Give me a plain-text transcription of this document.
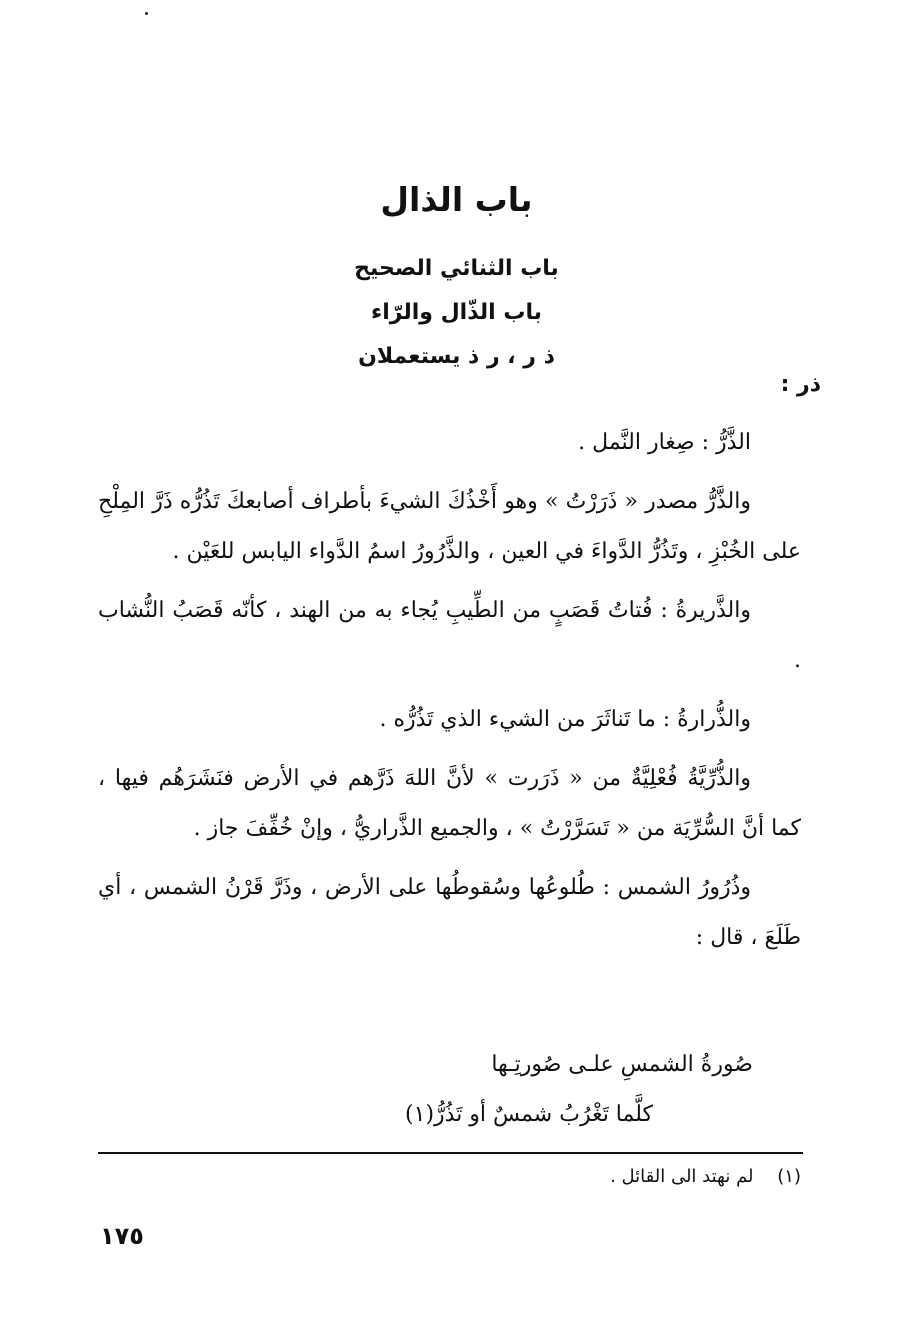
باب الذال
باب الثنائي الصحيح
باب الذّال والرّاء
ذ ر ، ر ذ يستعملان
ذر :

الذَّرُّ : صِغار النَّمل .

والذَّرُّ مصدر « ذَرَرْتُ » وهو أَخْذُكَ الشيءَ بأطراف أصابعكَ تَذُرُّه ذَرَّ المِلْحِ على الخُبْزِ ، وتَذُرُّ الدَّواءَ في العين ، والذَّرُورُ اسمُ الدَّواء اليابس للعَيْن .

والذَّريرةُ : فُتاتُ قَصَبٍ من الطِّيبِ يُجاء به من الهند ، كأنّه قَصَبُ النُّشاب .

والذُّرارةُ : ما تَناثَرَ من الشيء الذي تَذُرُّه .

والذُّرِّيَّةُ فُعْلِيَّةٌ من « ذَرَرت » لأنَّ اللهَ ذَرَّهم في الأرض فنَشَرَهُم فيها ، كما أنَّ السُّرِّيَة من « تَسَرَّرْتُ » ، والجميع الذَّراريُّ ، وإنْ خُفِّفَ جاز .

وذُرُورُ الشمس : طُلوعُها وسُقوطُها على الأرض ، وذَرَّ قَرْنُ الشمس ، أي طَلَعَ ، قال :

صُورةُ الشمسِ علـى صُورتِـها
كلَّما تَغْرُبُ شمسٌ أو تَذُرُّ(١)
(١) لم نهتد الى القائل .
١٧٥
